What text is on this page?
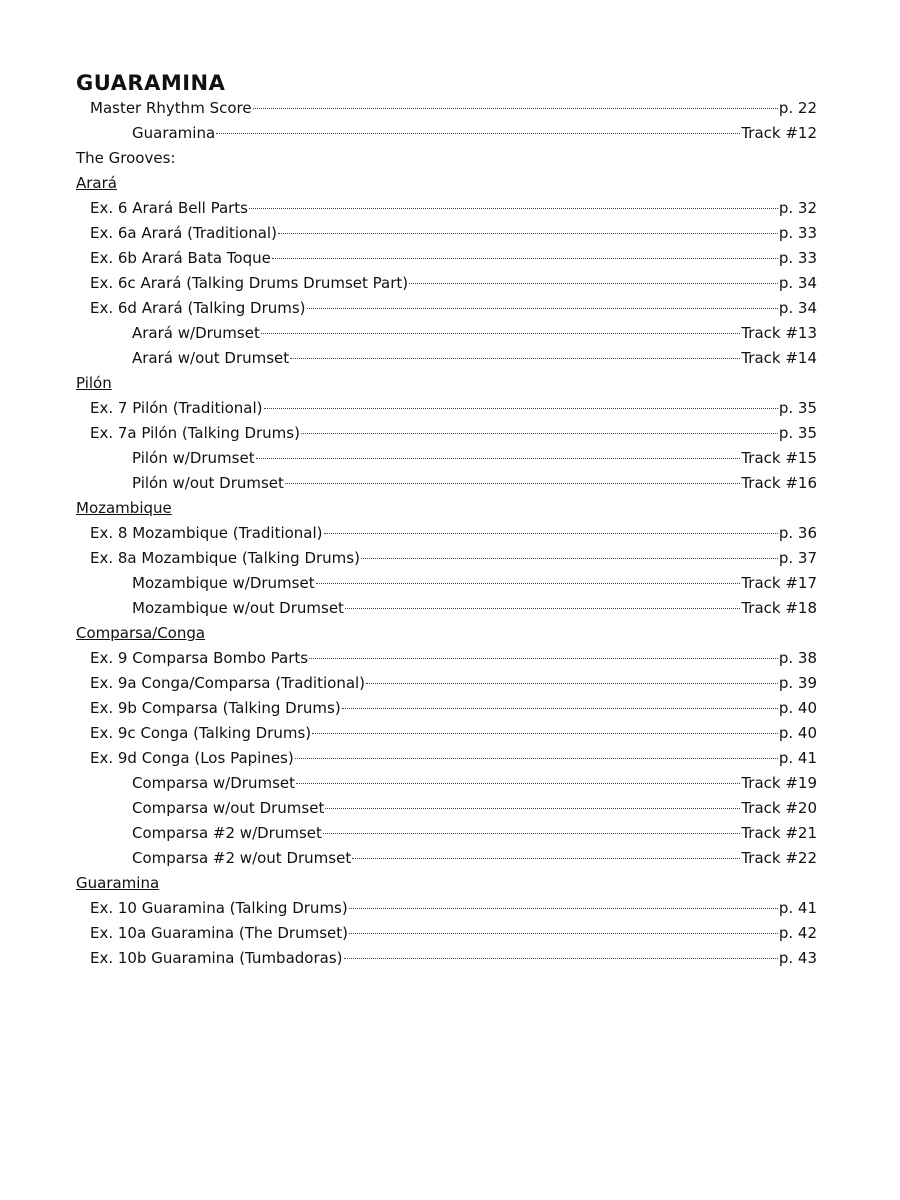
GUARAMINA
Master Rhythm Score	p. 22
Guaramina	Track #12
The Grooves:
Arará
Ex. 6 Arará Bell Parts	p. 32
Ex. 6a Arará (Traditional)	p. 33
Ex. 6b Arará Bata Toque	p. 33
Ex. 6c Arará (Talking Drums Drumset Part)	p. 34
Ex. 6d Arará (Talking Drums)	p. 34
Arará w/Drumset	Track #13
Arará w/out Drumset	Track #14
Pilón
Ex. 7 Pilón (Traditional)	p. 35
Ex. 7a Pilón (Talking Drums)	p. 35
Pilón w/Drumset	Track #15
Pilón w/out Drumset	Track #16
Mozambique
Ex. 8 Mozambique (Traditional)	p. 36
Ex. 8a Mozambique (Talking Drums)	p. 37
Mozambique w/Drumset	Track #17
Mozambique w/out Drumset	Track #18
Comparsa/Conga
Ex. 9 Comparsa Bombo Parts	p. 38
Ex. 9a Conga/Comparsa (Traditional)	p. 39
Ex. 9b Comparsa (Talking Drums)	p. 40
Ex. 9c Conga (Talking Drums)	p. 40
Ex. 9d Conga (Los Papines)	p. 41
Comparsa w/Drumset	Track #19
Comparsa w/out Drumset	Track #20
Comparsa #2 w/Drumset	Track #21
Comparsa #2 w/out Drumset	Track #22
Guaramina
Ex. 10 Guaramina (Talking Drums)	p. 41
Ex. 10a Guaramina (The Drumset)	p. 42
Ex. 10b Guaramina (Tumbadoras)	p. 43
